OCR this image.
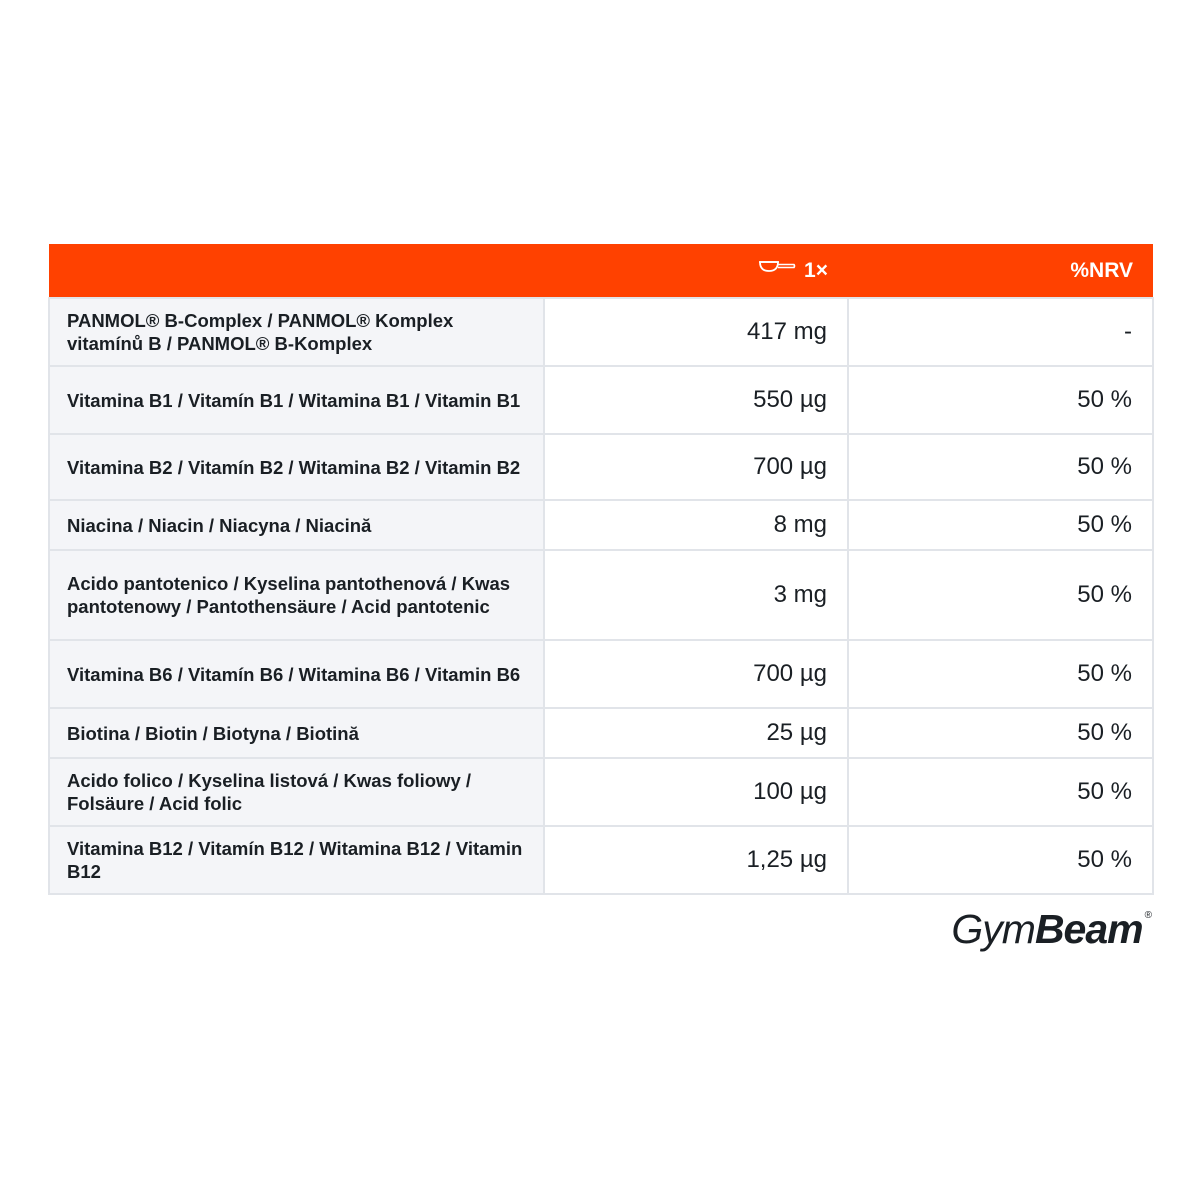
	1×	%NRV
PANMOL® B-Complex / PANMOL® Komplex vitamínů B / PANMOL® B-Komplex	417 mg	-
Vitamina B1 / Vitamín B1 / Witamina B1 / Vitamin B1	550 µg	50 %
Vitamina B2 / Vitamín B2 / Witamina B2 / Vitamin B2	700 µg	50 %
Niacina / Niacin / Niacyna / Niacină	8 mg	50 %
Acido pantotenico / Kyselina pantothenová / Kwas pantotenowy / Pantothensäure / Acid pantotenic	3 mg	50 %
Vitamina B6 / Vitamín B6 / Witamina B6 / Vitamin B6	700 µg	50 %
Biotina / Biotin / Biotyna / Biotină	25 µg	50 %
Acido folico / Kyselina listová / Kwas foliowy / Folsäure / Acid folic	100 µg	50 %
Vitamina B12 / Vitamín B12 / Witamina B12 / Vitamin B12	1,25 µg	50 %
GymBeam ®
